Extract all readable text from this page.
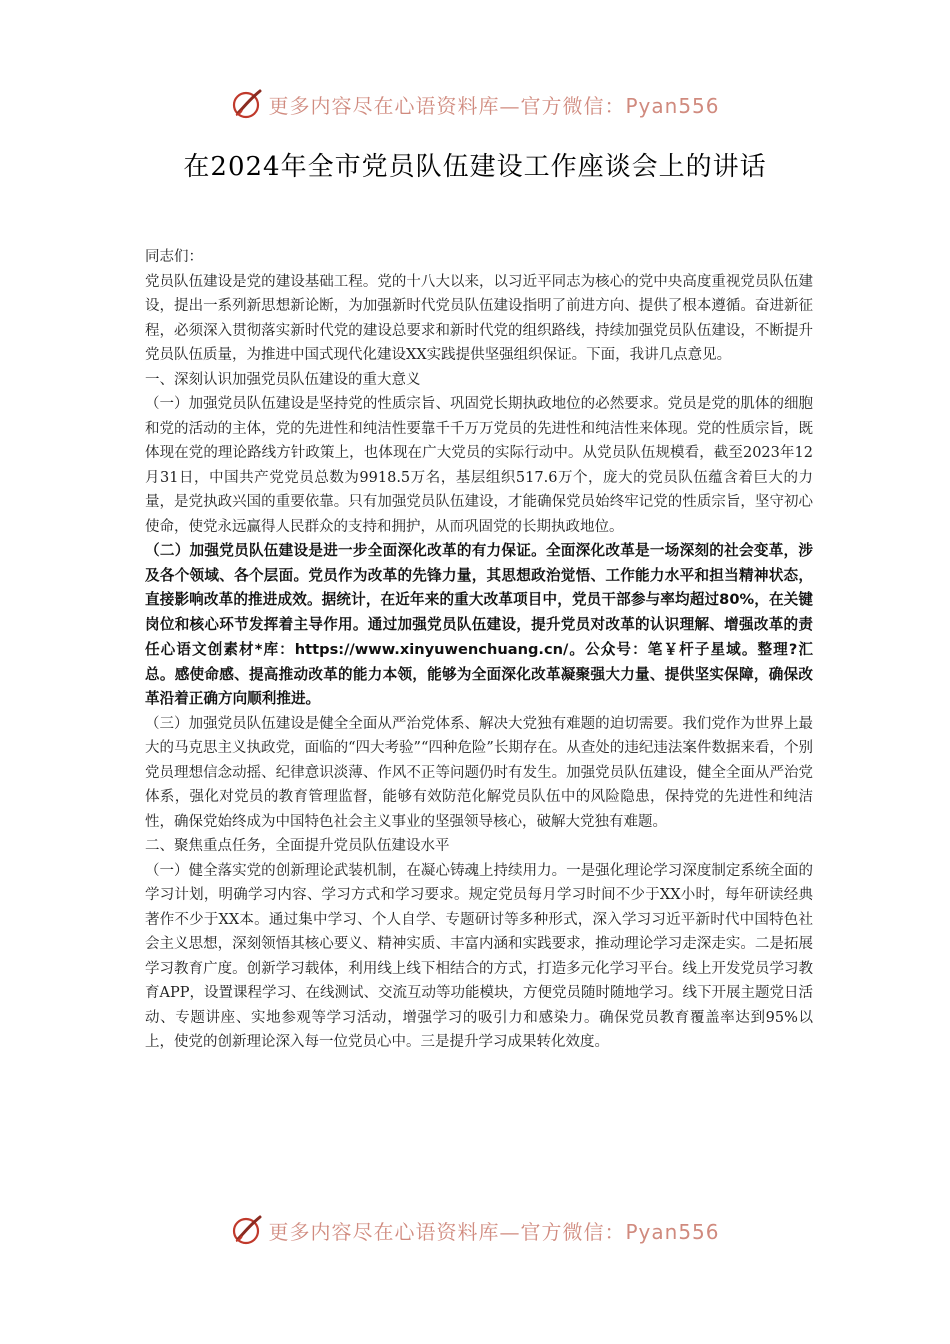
更多内容尽在心语资料库—官方微信：Pyan556
在2024年全市党员队伍建设工作座谈会上的讲话

同志们：

党员队伍建设是党的建设基础工程。党的十八大以来，以习近平同志为核心的党中央高度重视党员队伍建设，提出一系列新思想新论断，为加强新时代党员队伍建设指明了前进方向、提供了根本遵循。奋进新征程，必须深入贯彻落实新时代党的建设总要求和新时代党的组织路线，持续加强党员队伍建设，不断提升党员队伍质量，为推进中国式现代化建设XX实践提供坚强组织保证。下面，我讲几点意见。

一、深刻认识加强党员队伍建设的重大意义

（一）加强党员队伍建设是坚持党的性质宗旨、巩固党长期执政地位的必然要求。党员是党的肌体的细胞和党的活动的主体，党的先进性和纯洁性要靠千千万万党员的先进性和纯洁性来体现。党的性质宗旨，既体现在党的理论路线方针政策上，也体现在广大党员的实际行动中。从党员队伍规模看，截至2023年12月31日，中国共产党党员总数为9918.5万名，基层组织517.6万个，庞大的党员队伍蕴含着巨大的力量，是党执政兴国的重要依靠。只有加强党员队伍建设，才能确保党员始终牢记党的性质宗旨，坚守初心使命，使党永远赢得人民群众的支持和拥护，从而巩固党的长期执政地位。

（二）加强党员队伍建设是进一步全面深化改革的有力保证。全面深化改革是一场深刻的社会变革，涉及各个领域、各个层面。党员作为改革的先锋力量，其思想政治觉悟、工作能力水平和担当精神状态，直接影响改革的推进成效。据统计，在近年来的重大改革项目中，党员干部参与率均超过80%，在关键岗位和核心环节发挥着主导作用。通过加强党员队伍建设，提升党员对改革的认识理解、增强改革的责任心语文创素材*库：https://www.xinyuwenchuang.cn/。公众号：笔￥杆子星域。整理?汇总。感使命感、提高推动改革的能力本领，能够为全面深化改革凝聚强大力量、提供坚实保障，确保改革沿着正确方向顺利推进。

（三）加强党员队伍建设是健全全面从严治党体系、解决大党独有难题的迫切需要。我们党作为世界上最大的马克思主义执政党，面临的“四大考验”“四种危险”长期存在。从查处的违纪违法案件数据来看，个别党员理想信念动摇、纪律意识淡薄、作风不正等问题仍时有发生。加强党员队伍建设，健全全面从严治党体系，强化对党员的教育管理监督，能够有效防范化解党员队伍中的风险隐患，保持党的先进性和纯洁性，确保党始终成为中国特色社会主义事业的坚强领导核心，破解大党独有难题。

二、聚焦重点任务，全面提升党员队伍建设水平

（一）健全落实党的创新理论武装机制，在凝心铸魂上持续用力。一是强化理论学习深度制定系统全面的学习计划，明确学习内容、学习方式和学习要求。规定党员每月学习时间不少于XX小时，每年研读经典著作不少于XX本。通过集中学习、个人自学、专题研讨等多种形式，深入学习习近平新时代中国特色社会主义思想，深刻领悟其核心要义、精神实质、丰富内涵和实践要求，推动理论学习走深走实。二是拓展学习教育广度。创新学习载体，利用线上线下相结合的方式，打造多元化学习平台。线上开发党员学习教育APP，设置课程学习、在线测试、交流互动等功能模块，方便党员随时随地学习。线下开展主题党日活动、专题讲座、实地参观等学习活动，增强学习的吸引力和感染力。确保党员教育覆盖率达到95%以上，使党的创新理论深入每一位党员心中。三是提升学习成果转化效度。

更多内容尽在心语资料库—官方微信：Pyan556
